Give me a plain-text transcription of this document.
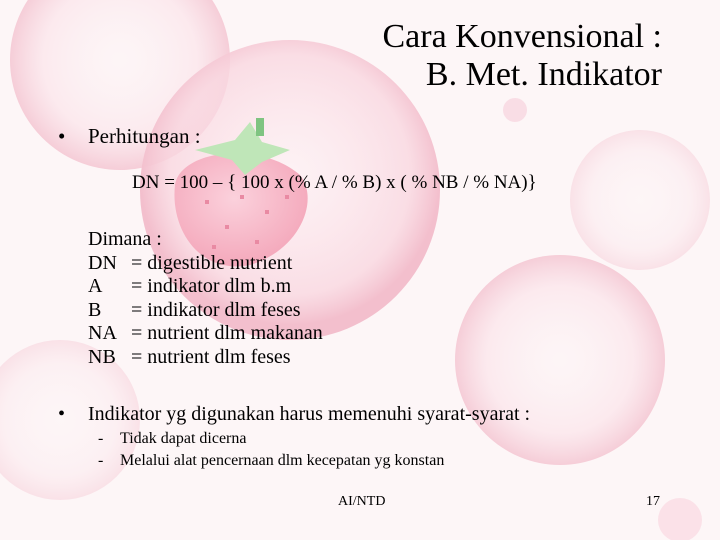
Cara Konvensional :
B. Met. Indikator
• Perhitungan :
DN = 100 – { 100 x (% A / % B) x ( % NB / % NA)}
Dimana :
DN = digestible nutrient
A	= indikator dlm b.m
B	= indikator dlm feses
NA = nutrient dlm makanan
NB = nutrient dlm feses
• Indikator yg digunakan harus memenuhi syarat-syarat :
-	Tidak dapat dicerna
-	Melalui alat pencernaan dlm kecepatan yg konstan
AI/NTD	17
